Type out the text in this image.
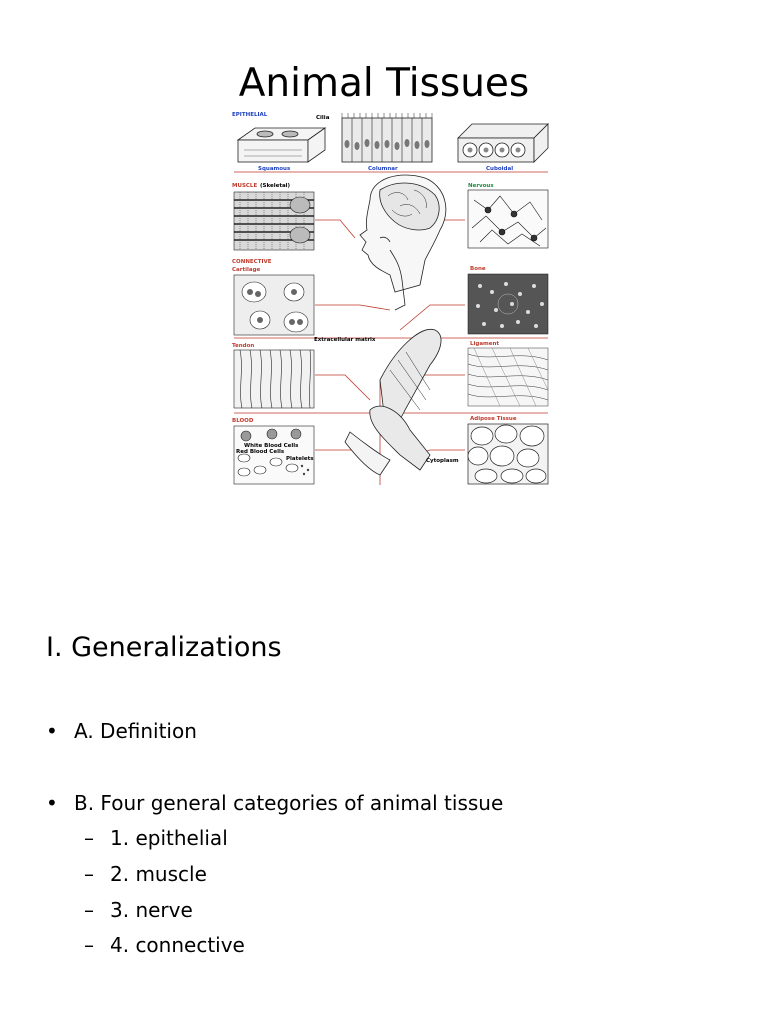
Animal Tissues
EPITHELIAL	Cilia
Squamous	Columnar	Cuboidal
MUSCLE (Skeletal)	Nervous
CONNECTIVE
Cartilage	Bone
Extracellular matrix
Tendon	Ligament
BLOOD
White Blood Cells
Red Blood Cells
Platelets
Adipose Tissue
Cytoplasm
I. Generalizations
• A. Definition
• B. Four general categories of animal tissue
– 1. epithelial
– 2. muscle
– 3. nerve
– 4. connective
